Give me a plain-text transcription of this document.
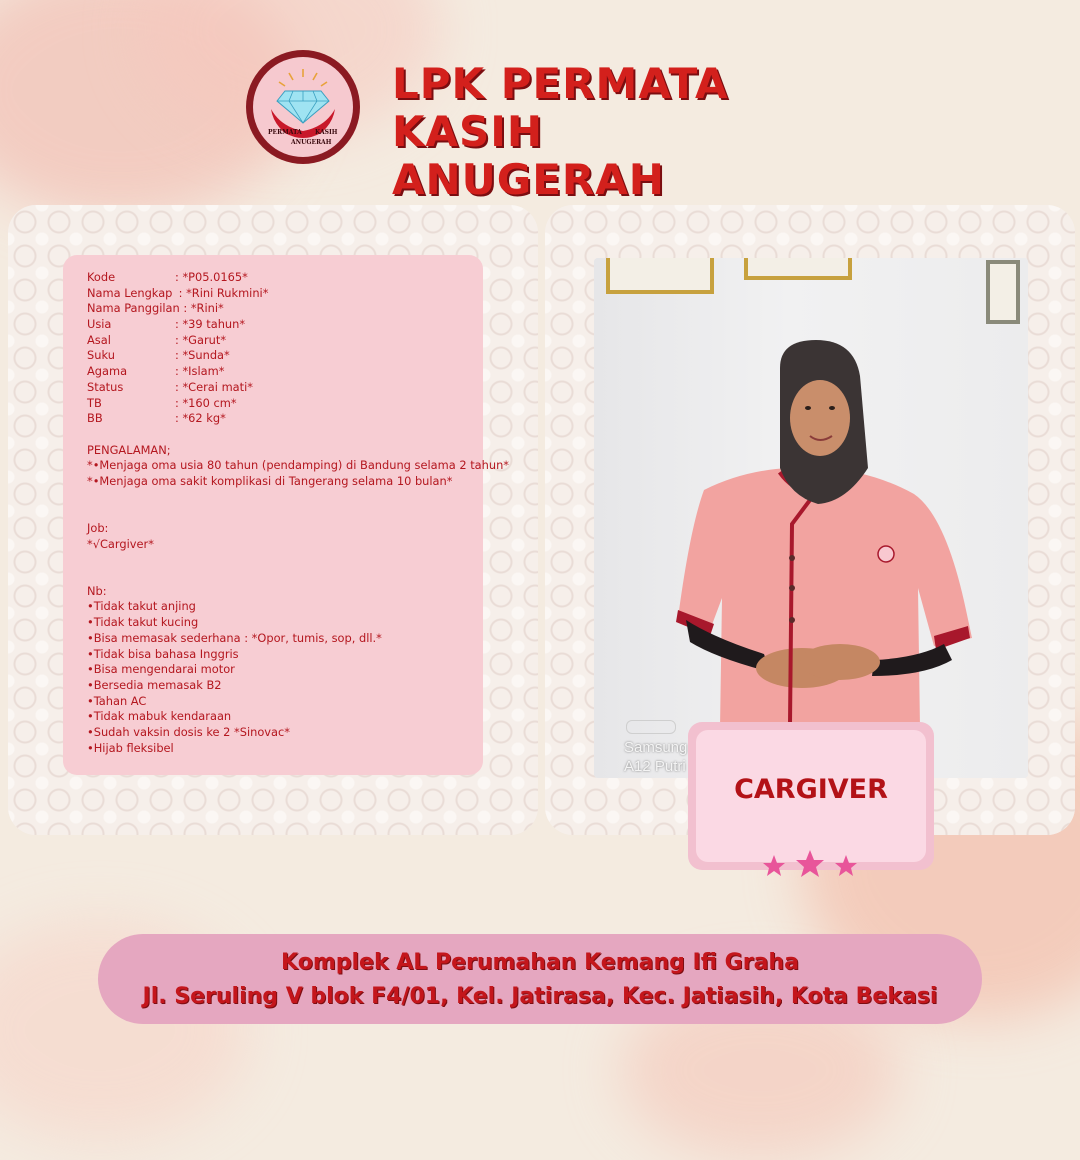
PERMATA KASIH
ANUGERAH
LPK PERMATA
KASIH ANUGERAH
Kode	: *P05.0165*
Nama Lengkap : *Rini Rukmini*
Nama Panggilan : *Rini*
Usia	: *39 tahun*
Asal	: *Garut*
Suku	: *Sunda*
Agama	: *Islam*
Status	: *Cerai mati*
TB	: *160 cm*
BB	: *62 kg*
PENGALAMAN;
*•Menjaga oma usia 80 tahun (pendamping) di Bandung selama 2 tahun*
*•Menjaga oma sakit komplikasi di Tangerang selama 10 bulan*
Job:
*√Cargiver*
Nb:
•Tidak takut anjing
•Tidak takut kucing
•Bisa memasak sederhana : *Opor, tumis, sop, dll.*
•Tidak bisa bahasa Inggris
•Bisa mengendarai motor
•Bersedia memasak B2
•Tahan AC
•Tidak mabuk kendaraan
•Sudah vaksin dosis ke 2 *Sinovac*
•Hijab fleksibel	Samsung
A12 Putri

CARGIVER

Komplek AL Perumahan Kemang Ifi Graha
Jl. Seruling V blok F4/01, Kel. Jatirasa, Kec. Jatiasih, Kota Bekasi
